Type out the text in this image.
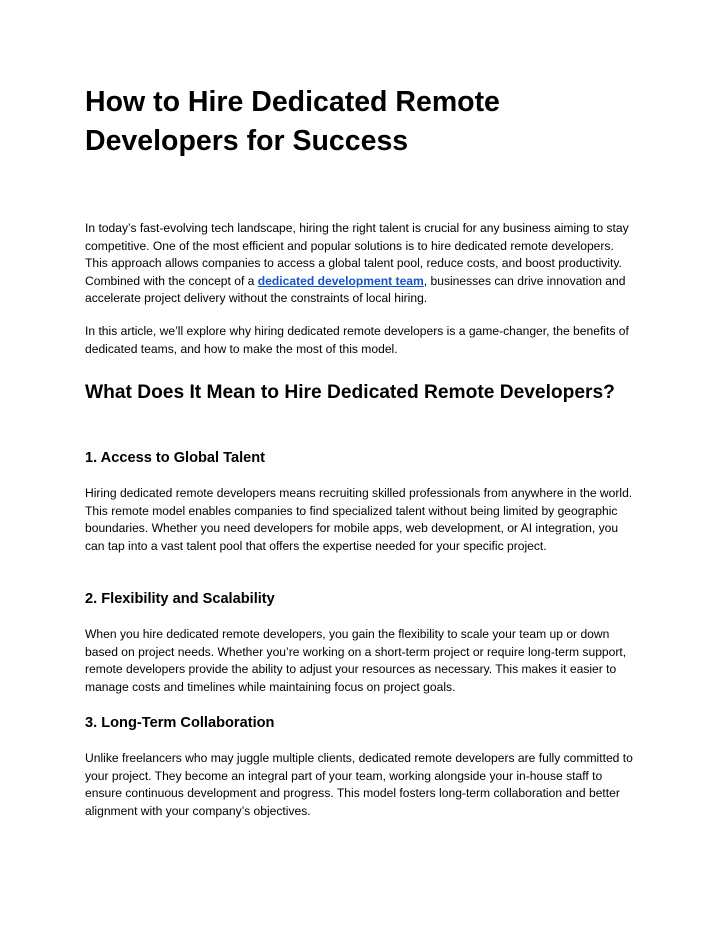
How to Hire Dedicated Remote Developers for Success

In today’s fast-evolving tech landscape, hiring the right talent is crucial for any business aiming to stay competitive. One of the most efficient and popular solutions is to hire dedicated remote developers. This approach allows companies to access a global talent pool, reduce costs, and boost productivity. Combined with the concept of a dedicated development team, businesses can drive innovation and accelerate project delivery without the constraints of local hiring.

In this article, we’ll explore why hiring dedicated remote developers is a game-changer, the benefits of dedicated teams, and how to make the most of this model.

What Does It Mean to Hire Dedicated Remote Developers?
1. Access to Global Talent

Hiring dedicated remote developers means recruiting skilled professionals from anywhere in the world. This remote model enables companies to find specialized talent without being limited by geographic boundaries. Whether you need developers for mobile apps, web development, or AI integration, you can tap into a vast talent pool that offers the expertise needed for your specific project.

2. Flexibility and Scalability

When you hire dedicated remote developers, you gain the flexibility to scale your team up or down based on project needs. Whether you’re working on a short-term project or require long-term support, remote developers provide the ability to adjust your resources as necessary. This makes it easier to manage costs and timelines while maintaining focus on project goals.

3. Long-Term Collaboration

Unlike freelancers who may juggle multiple clients, dedicated remote developers are fully committed to your project. They become an integral part of your team, working alongside your in-house staff to ensure continuous development and progress. This model fosters long-term collaboration and better alignment with your company’s objectives.
